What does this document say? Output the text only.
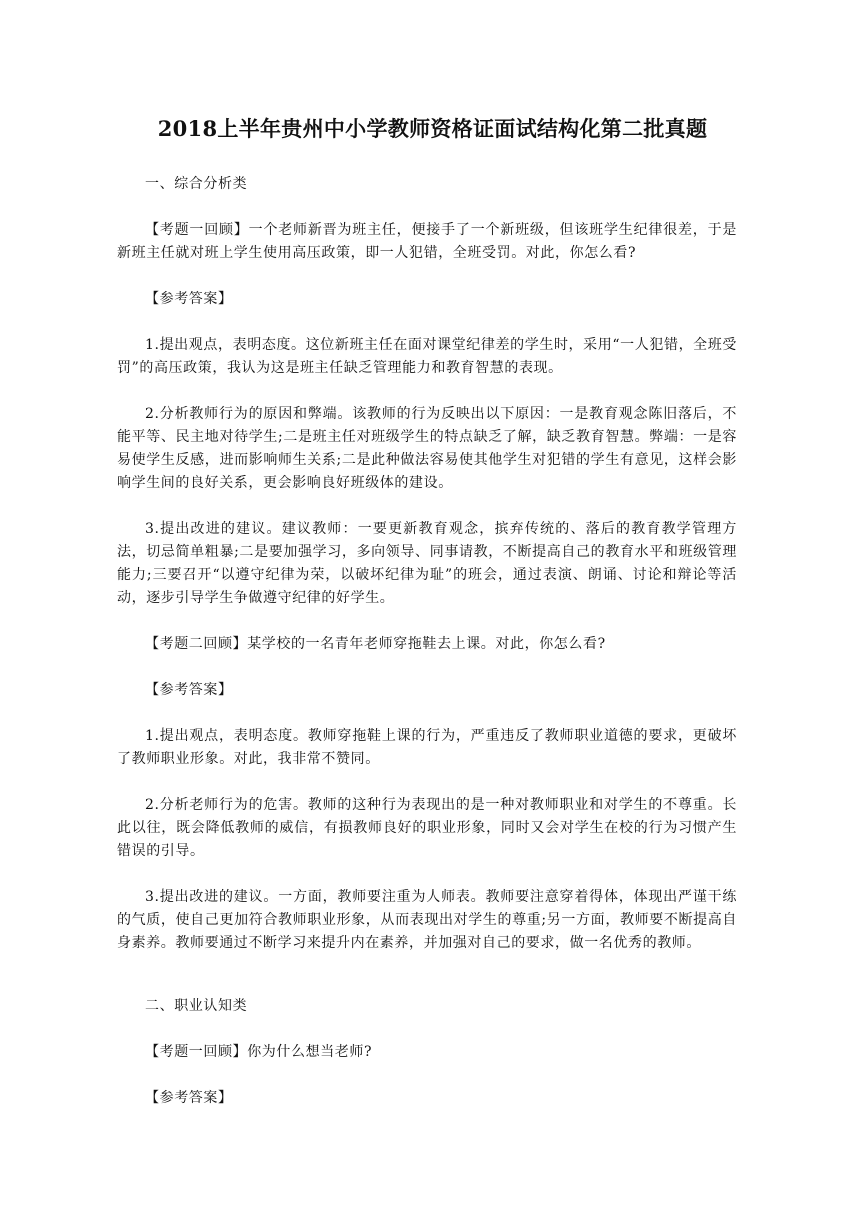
2018上半年贵州中小学教师资格证面试结构化第二批真题
一、综合分析类
【考题一回顾】一个老师新晋为班主任，便接手了一个新班级，但该班学生纪律很差，于是新班主任就对班上学生使用高压政策，即一人犯错，全班受罚。对此，你怎么看?
【参考答案】
1.提出观点，表明态度。这位新班主任在面对课堂纪律差的学生时，采用“一人犯错，全班受罚”的高压政策，我认为这是班主任缺乏管理能力和教育智慧的表现。
2.分析教师行为的原因和弊端。该教师的行为反映出以下原因：一是教育观念陈旧落后，不能平等、民主地对待学生;二是班主任对班级学生的特点缺乏了解，缺乏教育智慧。弊端：一是容易使学生反感，进而影响师生关系;二是此种做法容易使其他学生对犯错的学生有意见，这样会影响学生间的良好关系，更会影响良好班级体的建设。
3.提出改进的建议。建议教师：一要更新教育观念，摈弃传统的、落后的教育教学管理方法，切忌简单粗暴;二是要加强学习，多向领导、同事请教，不断提高自己的教育水平和班级管理能力;三要召开“以遵守纪律为荣，以破坏纪律为耻”的班会，通过表演、朗诵、讨论和辩论等活动，逐步引导学生争做遵守纪律的好学生。
【考题二回顾】某学校的一名青年老师穿拖鞋去上课。对此，你怎么看?
【参考答案】
1.提出观点，表明态度。教师穿拖鞋上课的行为，严重违反了教师职业道德的要求，更破坏了教师职业形象。对此，我非常不赞同。
2.分析老师行为的危害。教师的这种行为表现出的是一种对教师职业和对学生的不尊重。长此以往，既会降低教师的威信，有损教师良好的职业形象，同时又会对学生在校的行为习惯产生错误的引导。
3.提出改进的建议。一方面，教师要注重为人师表。教师要注意穿着得体，体现出严谨干练的气质，使自己更加符合教师职业形象，从而表现出对学生的尊重;另一方面，教师要不断提高自身素养。教师要通过不断学习来提升内在素养，并加强对自己的要求，做一名优秀的教师。
二、职业认知类
【考题一回顾】你为什么想当老师?
【参考答案】
